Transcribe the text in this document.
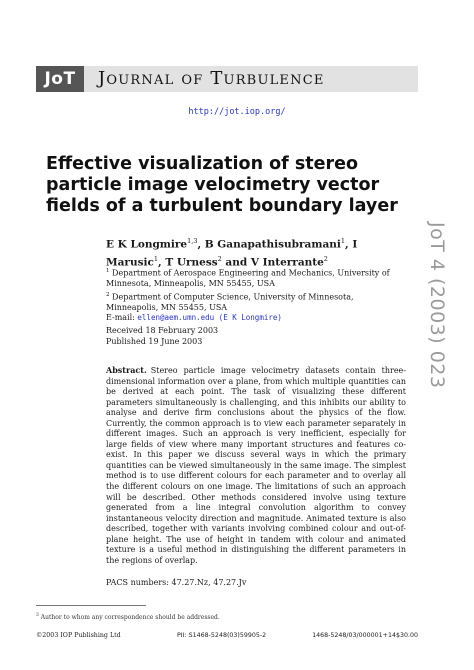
JoT	Journal of Turbulence
http://jot.iop.org/
Effective visualization of stereo particle image velocimetry vector fields of a turbulent boundary layer
E K Longmire$^{1,3}$, B Ganapathisubramani$^1$, I Marusic$^1$, T Urness$^2$ and V Interrante$^2$
$^1$ Department of Aerospace Engineering and Mechanics, University of Minnesota, Minneapolis, MN 55455, USA
$^2$ Department of Computer Science, University of Minnesota, Minneapolis, MN 55455, USA
E-mail: ellen@aem.umn.edu (E K Longmire)
Received 18 February 2003
Published 19 June 2003
Abstract. Stereo particle image velocimetry datasets contain three-dimensional information over a plane, from which multiple quantities can be derived at each point. The task of visualizing these different parameters simultaneously is challenging, and this inhibits our ability to analyse and derive firm conclusions about the physics of the flow. Currently, the common approach is to view each parameter separately in different images. Such an approach is very inefficient, especially for large fields of view where many important structures and features co-exist. In this paper we discuss several ways in which the primary quantities can be viewed simultaneously in the same image. The simplest method is to use different colours for each parameter and to overlay all the different colours on one image. The limitations of such an approach will be described. Other methods considered involve using texture generated from a line integral convolution algorithm to convey instantaneous velocity direction and magnitude. Animated texture is also described, together with variants involving combined colour and out-of-plane height. The use of height in tandem with colour and animated texture is a useful method in distinguishing the different parameters in the regions of overlap.
PACS numbers: 47.27.Nz, 47.27.Jv
JoT 4 (2003) 023
$^3$ Author to whom any correspondence should be addressed.
©2003 IOP Publishing Ltd	PII: S1468-5248(03)59905-2	1468-5248/03/000001+14$30.00
